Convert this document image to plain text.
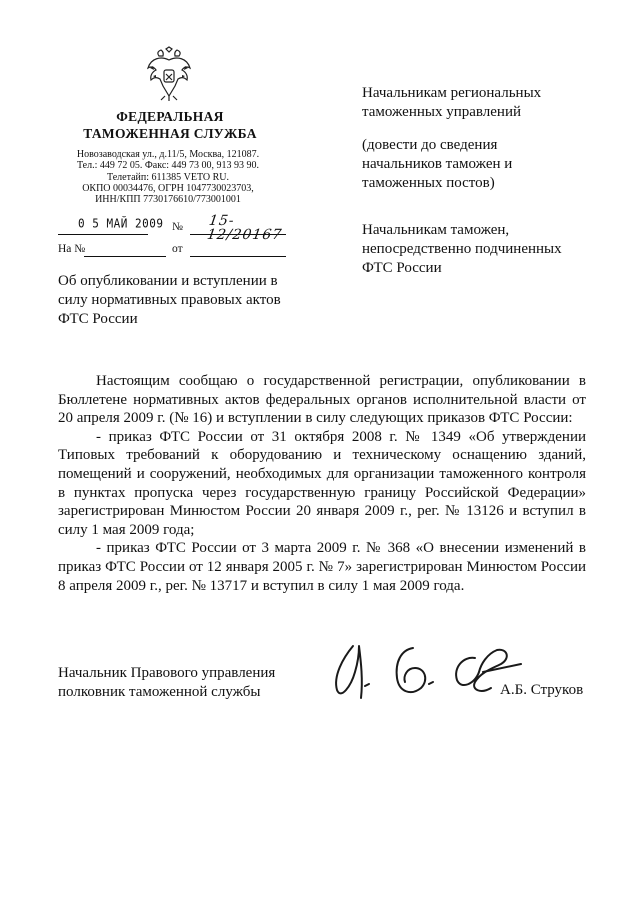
ФЕДЕРАЛЬНАЯ
ТАМОЖЕННАЯ СЛУЖБА
Новозаводская ул., д.11/5, Москва, 121087.
Тел.: 449 72 05. Факс: 449 73 00, 913 93 90.
Телетайп: 611385 VETO RU.
ОКПО 00034476, ОГРН 1047730023703,
ИНН/КПП 7730176610/773001001
0 5 МАЙ 2009 № 15-12/20167
На №	от
Об опубликовании и вступлении в
силу нормативных правовых актов
ФТС России
Начальникам региональных
таможенных управлений
(довести до сведения
начальников таможен и
таможенных постов)
Начальникам таможен,
непосредственно подчиненных
ФТС России

Настоящим сообщаю о государственной регистрации, опубликовании в Бюллетене нормативных актов федеральных органов исполнительной власти от 20 апреля 2009 г. (№ 16) и вступлении в силу следующих приказов ФТС России:

- приказ ФТС России от 31 октября 2008 г. № 1349 «Об утверждении Типовых требований к оборудованию и техническому оснащению зданий, помещений и сооружений, необходимых для организации таможенного контроля в пунктах пропуска через государственную границу Российской Федерации» зарегистрирован Минюстом России 20 января 2009 г., рег. № 13126 и вступил в силу 1 мая 2009 года;

- приказ ФТС России от 3 марта 2009 г. № 368 «О внесении изменений в приказ ФТС России от 12 января 2005 г. № 7» зарегистрирован Минюстом России 8 апреля 2009 г., рег. № 13717 и вступил в силу 1 мая 2009 года.

Начальник Правового управления
полковник таможенной службы	А.Б. Струков
